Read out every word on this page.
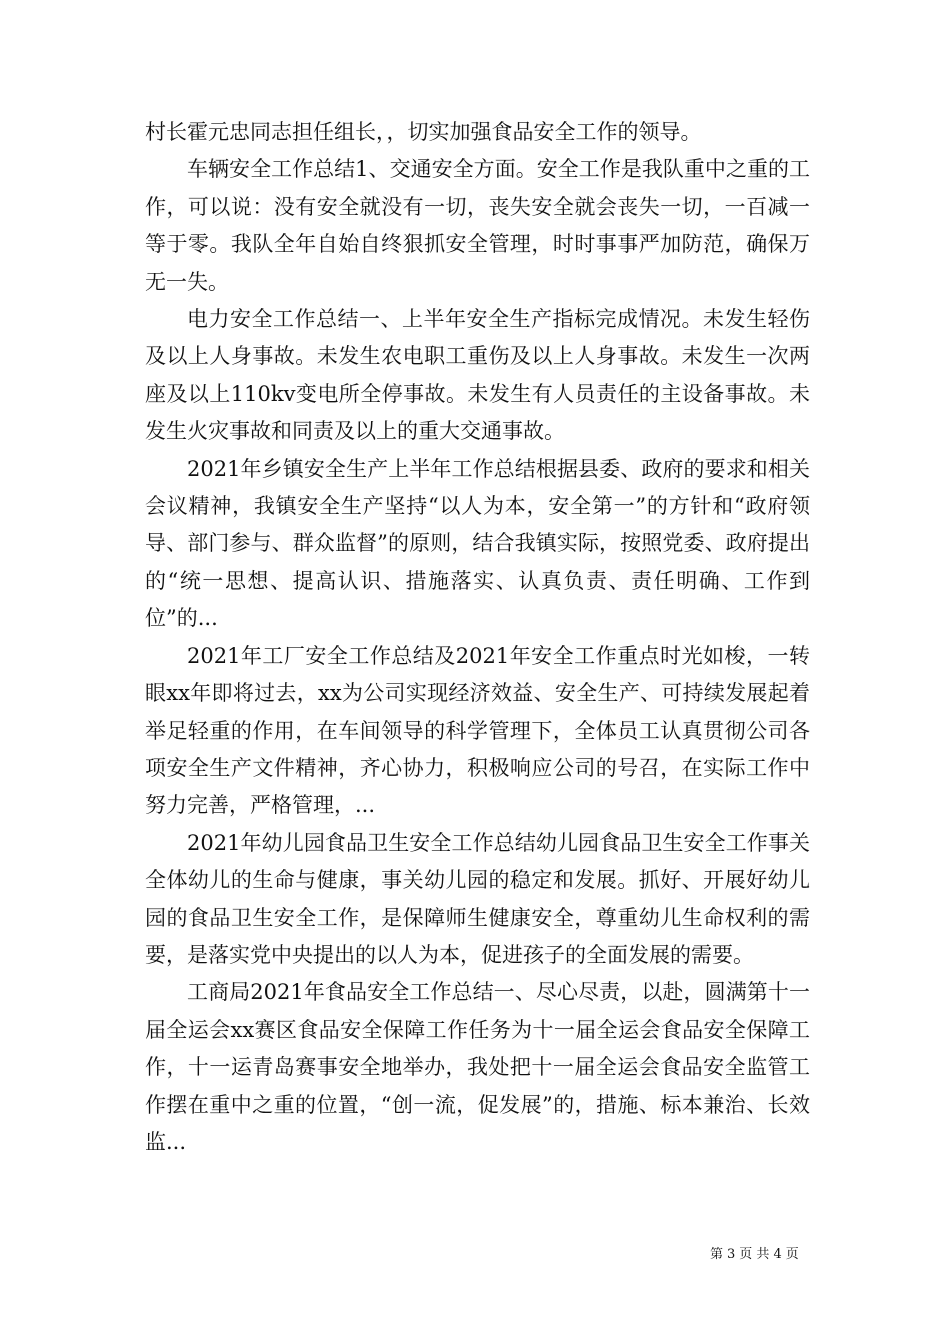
村长霍元忠同志担任组长，，切实加强食品安全工作的领导。

车辆安全工作总结1、交通安全方面。安全工作是我队重中之重的工作，可以说：没有安全就没有一切，丧失安全就会丧失一切，一百减一等于零。我队全年自始自终狠抓安全管理，时时事事严加防范，确保万无一失。

电力安全工作总结一、上半年安全生产指标完成情况。未发生轻伤及以上人身事故。未发生农电职工重伤及以上人身事故。未发生一次两座及以上110kv变电所全停事故。未发生有人员责任的主设备事故。未发生火灾事故和同责及以上的重大交通事故。

2021年乡镇安全生产上半年工作总结根据县委、政府的要求和相关会议精神，我镇安全生产坚持“以人为本，安全第一”的方针和“政府领导、部门参与、群众监督”的原则，结合我镇实际，按照党委、政府提出的“统一思想、提高认识、措施落实、认真负责、责任明确、工作到位”的...

2021年工厂安全工作总结及2021年安全工作重点时光如梭，一转眼xx年即将过去，xx为公司实现经济效益、安全生产、可持续发展起着举足轻重的作用，在车间领导的科学管理下，全体员工认真贯彻公司各项安全生产文件精神，齐心协力，积极响应公司的号召，在实际工作中努力完善，严格管理，...

2021年幼儿园食品卫生安全工作总结幼儿园食品卫生安全工作事关全体幼儿的生命与健康，事关幼儿园的稳定和发展。抓好、开展好幼儿园的食品卫生安全工作，是保障师生健康安全，尊重幼儿生命权利的需要，是落实党中央提出的以人为本，促进孩子的全面发展的需要。

工商局2021年食品安全工作总结一、尽心尽责，以赴，圆满第十一届全运会xx赛区食品安全保障工作任务为十一届全运会食品安全保障工作，十一运青岛赛事安全地举办，我处把十一届全运会食品安全监管工作摆在重中之重的位置，“创一流，促发展”的，措施、标本兼治、长效监...

第 3 页 共 4 页
